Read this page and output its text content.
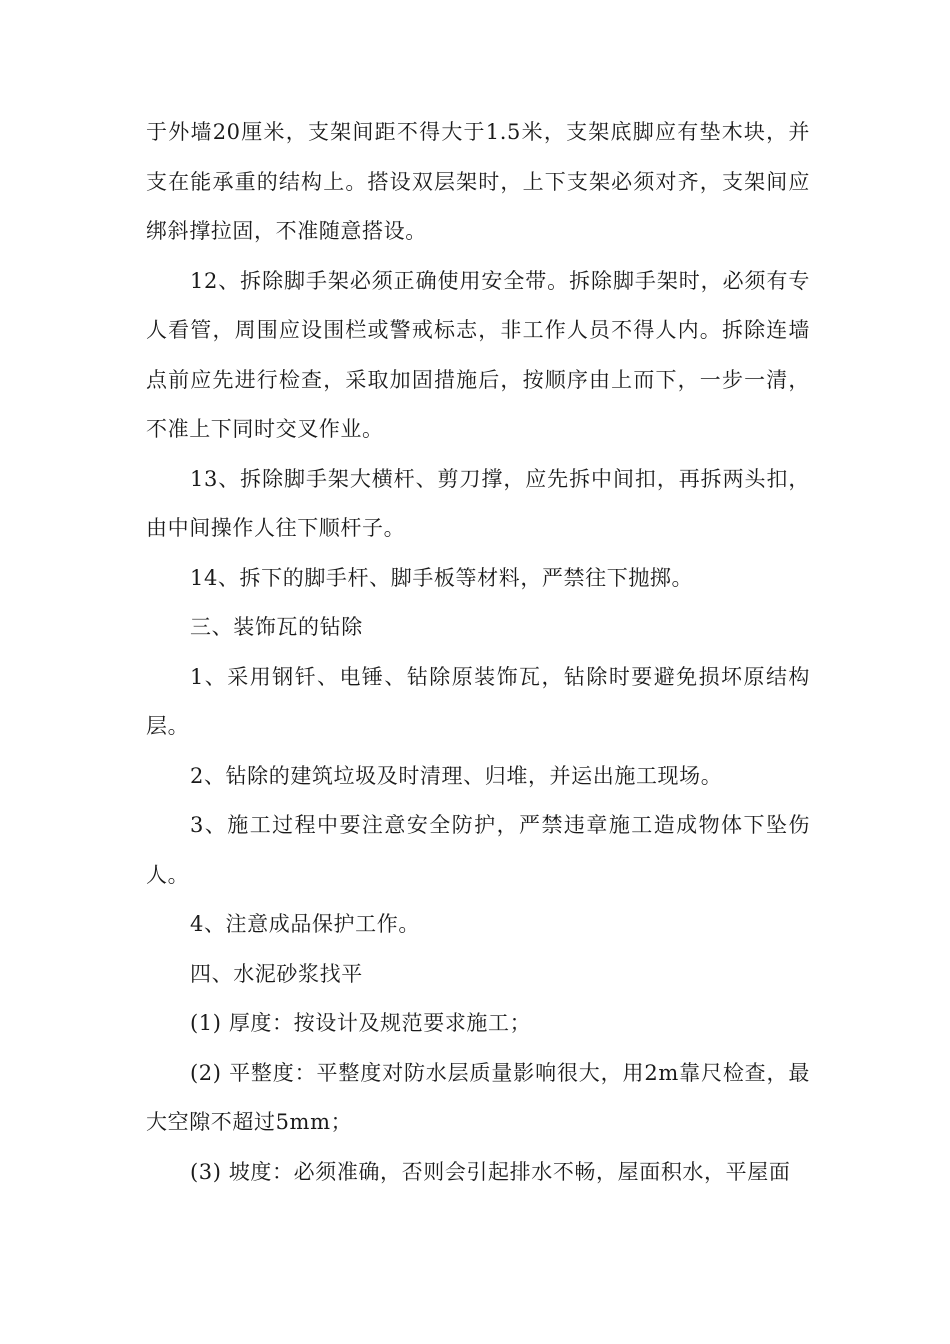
于外墙20厘米，支架间距不得大于1.5米，支架底脚应有垫木块，并支在能承重的结构上。搭设双层架时，上下支架必须对齐，支架间应绑斜撑拉固，不准随意搭设。

12、拆除脚手架必须正确使用安全带。拆除脚手架时，必须有专人看管，周围应设围栏或警戒标志，非工作人员不得人内。拆除连墙点前应先进行检查，采取加固措施后，按顺序由上而下，一步一清，不准上下同时交叉作业。

13、拆除脚手架大横杆、剪刀撑，应先拆中间扣，再拆两头扣，由中间操作人往下顺杆子。

14、拆下的脚手杆、脚手板等材料，严禁往下抛掷。

三、装饰瓦的钻除

1、采用钢钎、电锤、钻除原装饰瓦，钻除时要避免损坏原结构层。

2、钻除的建筑垃圾及时清理、归堆，并运出施工现场。

3、施工过程中要注意安全防护，严禁违章施工造成物体下坠伤人。

4、注意成品保护工作。

四、水泥砂浆找平

(1) 厚度：按设计及规范要求施工；

(2) 平整度：平整度对防水层质量影响很大，用2m靠尺检查，最大空隙不超过5mm；

(3) 坡度：必须准确，否则会引起排水不畅，屋面积水，平屋面
